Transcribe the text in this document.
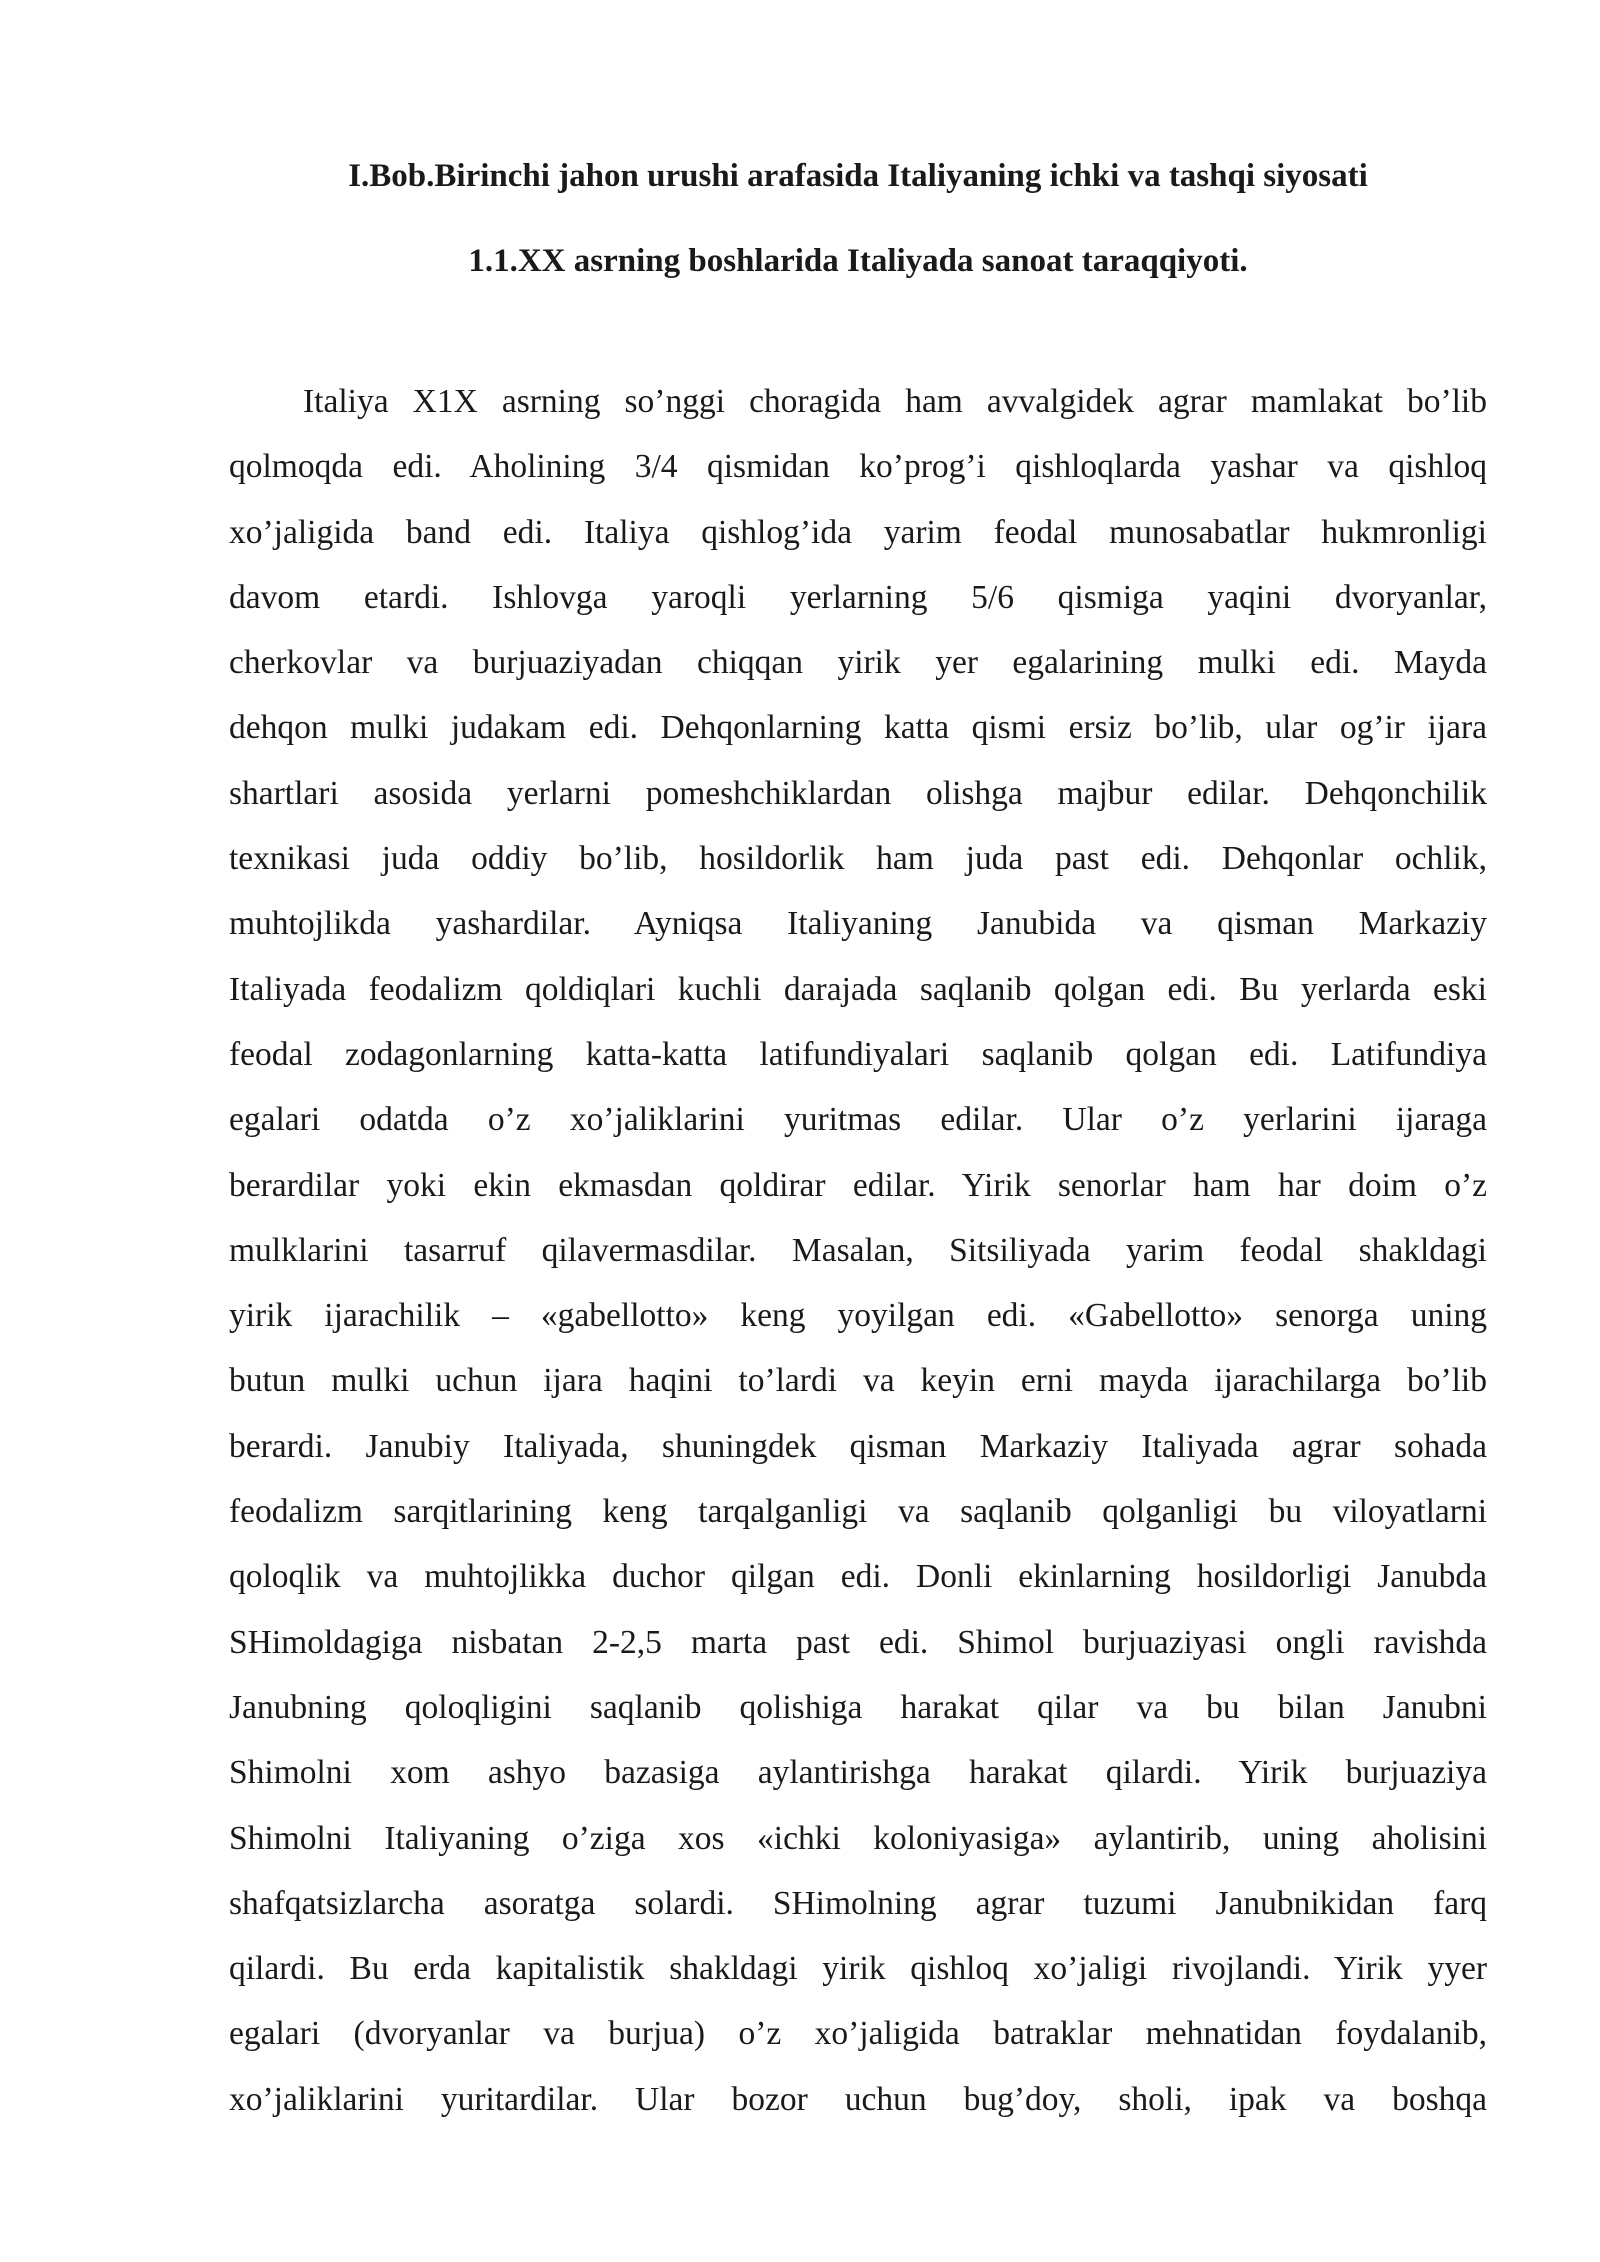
I.Bob.Birinchi jahon urushi arafasida Italiyaning ichki va tashqi siyosati
1.1.XX asrning boshlarida Italiyada sanoat taraqqiyoti.
Italiya X1X asrning so’nggi choragida ham avvalgidek agrar mamlakat bo’lib
qolmoqda edi. Aholining 3/4 qismidan ko’prog’i qishloqlarda yashar va qishloq
xo’jaligida band edi. Italiya qishlog’ida yarim feodal munosabatlar hukmronligi
davom etardi. Ishlovga yaroqli yerlarning 5/6 qismiga yaqini dvoryanlar,
cherkovlar va burjuaziyadan chiqqan yirik yer egalarining mulki edi. Mayda
dehqon mulki judakam edi. Dehqonlarning katta qismi ersiz bo’lib, ular og’ir ijara
shartlari asosida yerlarni pomeshchiklardan olishga majbur edilar. Dehqonchilik
texnikasi juda oddiy bo’lib, hosildorlik ham juda past edi. Dehqonlar ochlik,
muhtojlikda yashardilar. Ayniqsa Italiyaning Janubida va qisman Markaziy
Italiyada feodalizm qoldiqlari kuchli darajada saqlanib qolgan edi. Bu yerlarda eski
feodal zodagonlarning katta-katta latifundiyalari saqlanib qolgan edi. Latifundiya
egalari odatda o’z xo’jaliklarini yuritmas edilar. Ular o’z yerlarini ijaraga
berardilar yoki ekin ekmasdan qoldirar edilar. Yirik senorlar ham har doim o’z
mulklarini tasarruf qilavermasdilar. Masalan, Sitsiliyada yarim feodal shakldagi
yirik ijarachilik – «gabellotto» keng yoyilgan edi. «Gabellotto» senorga uning
butun mulki uchun ijara haqini to’lardi va keyin erni mayda ijarachilarga bo’lib
berardi. Janubiy Italiyada, shuningdek qisman Markaziy Italiyada agrar sohada
feodalizm sarqitlarining keng tarqalganligi va saqlanib qolganligi bu viloyatlarni
qoloqlik va muhtojlikka duchor qilgan edi. Donli ekinlarning hosildorligi Janubda
SHimoldagiga nisbatan 2-2,5 marta past edi. Shimol burjuaziyasi ongli ravishda
Janubning qoloqligini saqlanib qolishiga harakat qilar va bu bilan Janubni
Shimolni xom ashyo bazasiga aylantirishga harakat qilardi. Yirik burjuaziya
Shimolni Italiyaning o’ziga xos «ichki koloniyasiga» aylantirib, uning aholisini
shafqatsizlarcha asoratga solardi. SHimolning agrar tuzumi Janubnikidan farq
qilardi. Bu erda kapitalistik shakldagi yirik qishloq xo’jaligi rivojlandi. Yirik yyer
egalari (dvoryanlar va burjua) o’z xo’jaligida batraklar mehnatidan foydalanib,
xo’jaliklarini yuritardilar. Ular bozor uchun bug’doy, sholi, ipak va boshqa
